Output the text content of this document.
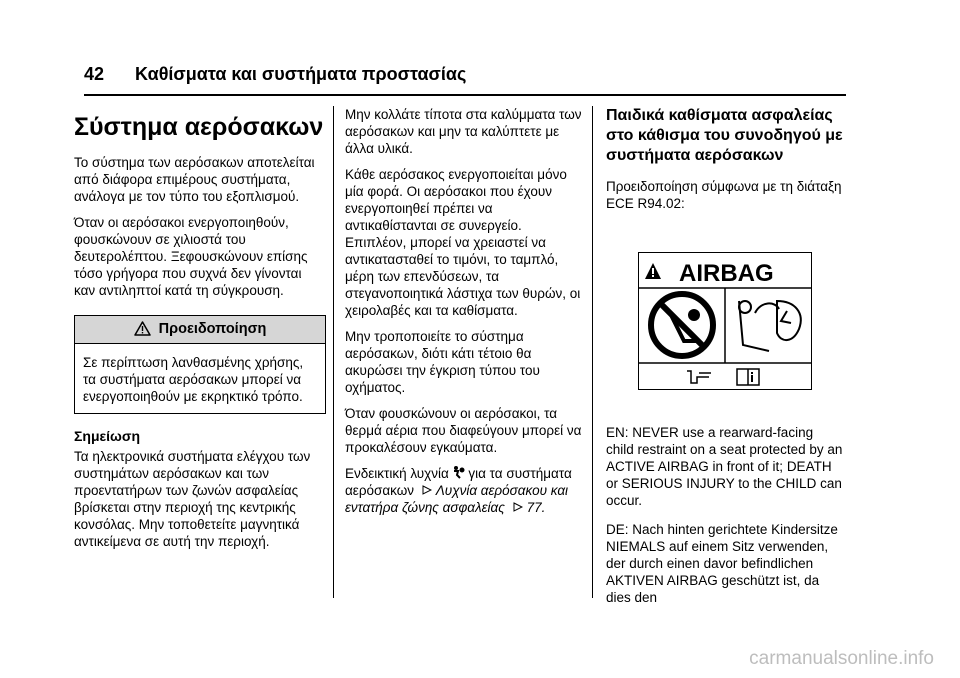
42 Καθίσματα και συστήματα προστασίας
Σύστημα αερόσακων

Το σύστημα των αερόσακων αποτελείται από διάφορα επιμέρους συστήματα, ανάλογα με τον τύπο του εξοπλισμού.

Όταν οι αερόσακοι ενεργοποιηθούν, φουσκώνουν σε χιλιοστά του δευτερολέπτου. Ξεφουσκώνουν επίσης τόσο γρήγορα που συχνά δεν γίνονται καν αντιληπτοί κατά τη σύγκρουση.

Προειδοποίηση
Σε περίπτωση λανθασμένης χρήσης, τα συστήματα αερόσακων μπορεί να ενεργοποιηθούν με εκρηκτικό τρόπο.
Σημείωση

Τα ηλεκτρονικά συστήματα ελέγχου των συστημάτων αερόσακων και των προεντατήρων των ζωνών ασφαλείας βρίσκεται στην περιοχή της κεντρικής κονσόλας. Μην τοποθετείτε μαγνητικά αντικείμενα σε αυτή την περιοχή.

Μην κολλάτε τίποτα στα καλύμματα των αερόσακων και μην τα καλύπτετε με άλλα υλικά.

Κάθε αερόσακος ενεργοποιείται μόνο μία φορά. Οι αερόσακοι που έχουν ενεργοποιηθεί πρέπει να αντικαθίστανται σε συνεργείο. Επιπλέον, μπορεί να χρειαστεί να αντικατασταθεί το τιμόνι, το ταμπλό, μέρη των επενδύσεων, τα στεγανοποιητικά λάστιχα των θυρών, οι χειρολαβές και τα καθίσματα.

Μην τροποποιείτε το σύστημα αερόσακων, διότι κάτι τέτοιο θα ακυρώσει την έγκριση τύπου του οχήματος.

Όταν φουσκώνουν οι αερόσακοι, τα θερμά αέρια που διαφεύγουν μπορεί να προκαλέσουν εγκαύματα.

Ενδεικτική λυχνία για τα συστήματα αερόσακων Λυχνία αερόσακου και εντατήρα ζώνης ασφαλείας 77.

Παιδικά καθίσματα ασφαλείας στο κάθισμα του συνοδηγού με συστήματα αερόσακων

Προειδοποίηση σύμφωνα με τη διάταξη ECE R94.02:

AIRBAG

EN: NEVER use a rearward-facing child restraint on a seat protected by an ACTIVE AIRBAG in front of it; DEATH or SERIOUS INJURY to the CHILD can occur.

DE: Nach hinten gerichtete Kindersitze NIEMALS auf einem Sitz verwenden, der durch einen davor befindlichen AKTIVEN AIRBAG geschützt ist, da dies den

carmanualsonline.info
